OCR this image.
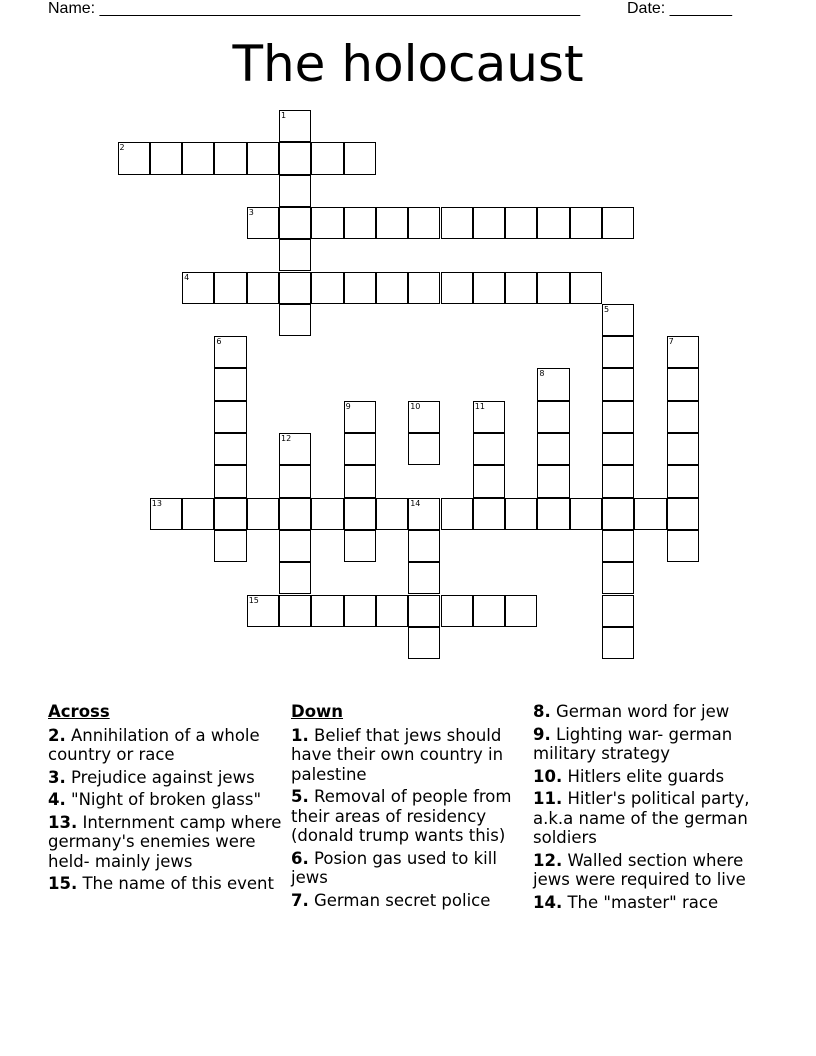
Name: ______________________________________________________	Date: _______
The holocaust
1
2
3
4
5
6	7
8
9	10	11
12
13	14
15
Across
2. Annihilation of a whole country or race
3. Prejudice against jews
4. "Night of broken glass"
13. Internment camp where germany's enemies were held- mainly jews
15. The name of this event
Down
1. Belief that jews should have their own country in palestine
5. Removal of people from their areas of residency (donald trump wants this)
6. Posion gas used to kill jews
7. German secret police
8. German word for jew
9. Lighting war- german military strategy
10. Hitlers elite guards
11. Hitler's political party, a.k.a name of the german soldiers
12. Walled section where jews were required to live
14. The "master" race
